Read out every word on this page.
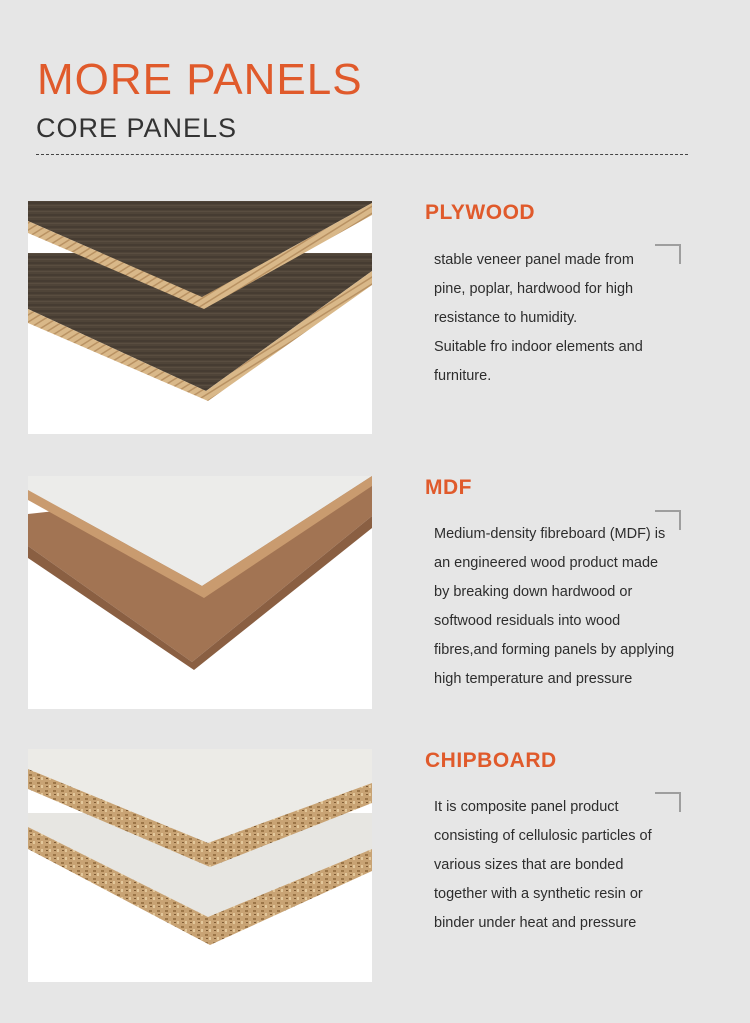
MORE PANELS
CORE PANELS
PLYWOOD
stable veneer panel made from
pine, poplar, hardwood for high
resistance to humidity.
Suitable fro indoor elements and
furniture.
MDF
Medium-density fibreboard (MDF) is
an engineered wood product made
by breaking down hardwood or
softwood residuals into wood
fibres,and forming panels by applying
high temperature and pressure
CHIPBOARD
It is composite panel product
consisting of cellulosic particles of
various sizes that are bonded
together with a synthetic resin or
binder under heat and pressure
